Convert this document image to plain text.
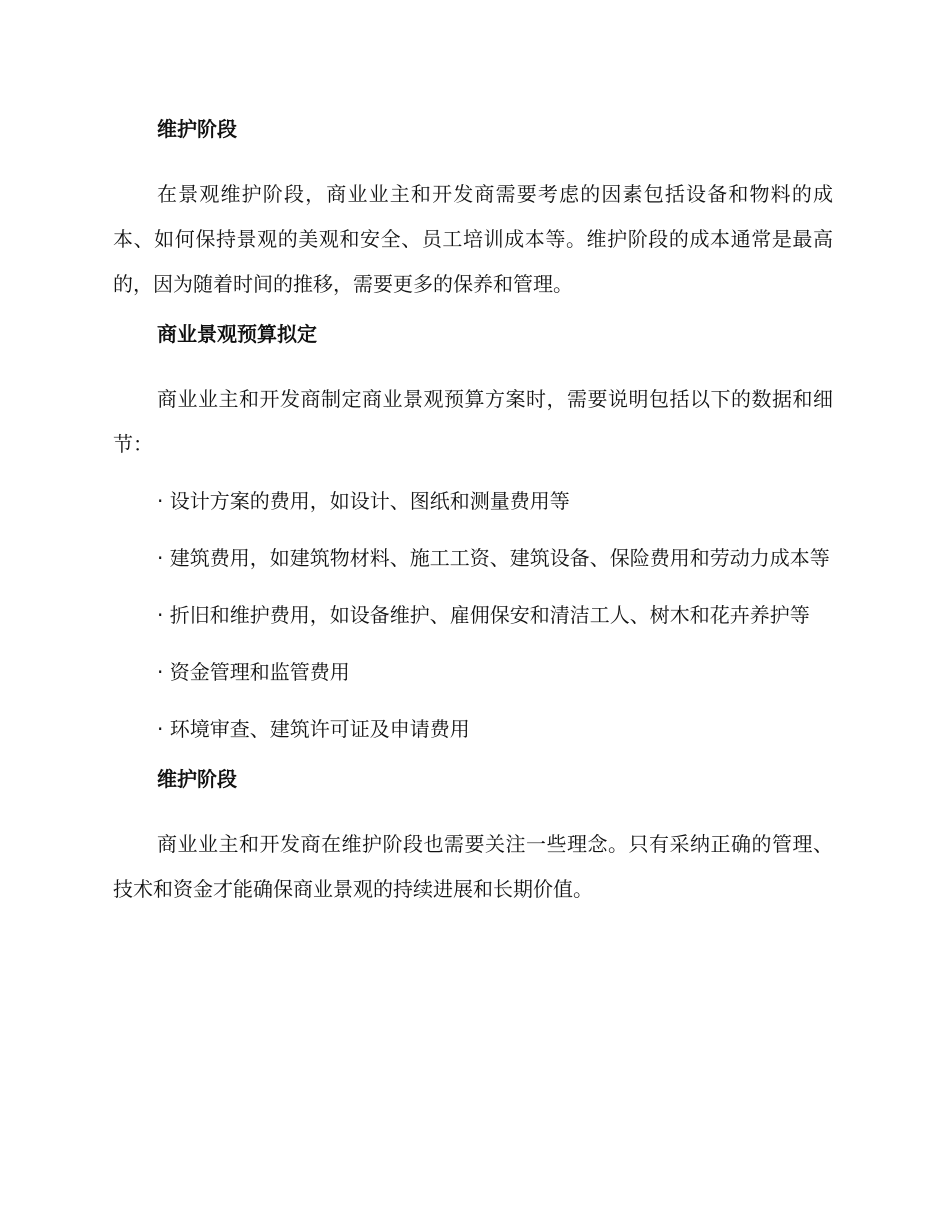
维护阶段
在景观维护阶段，商业业主和开发商需要考虑的因素包括设备和物料的成本、如何保持景观的美观和安全、员工培训成本等。维护阶段的成本通常是最高的，因为随着时间的推移，需要更多的保养和管理。
商业景观预算拟定
商业业主和开发商制定商业景观预算方案时，需要说明包括以下的数据和细节：
· 设计方案的费用，如设计、图纸和测量费用等
· 建筑费用，如建筑物材料、施工工资、建筑设备、保险费用和劳动力成本等
· 折旧和维护费用，如设备维护、雇佣保安和清洁工人、树木和花卉养护等
· 资金管理和监管费用
· 环境审查、建筑许可证及申请费用
维护阶段
商业业主和开发商在维护阶段也需要关注一些理念。只有采纳正确的管理、技术和资金才能确保商业景观的持续进展和长期价值。
